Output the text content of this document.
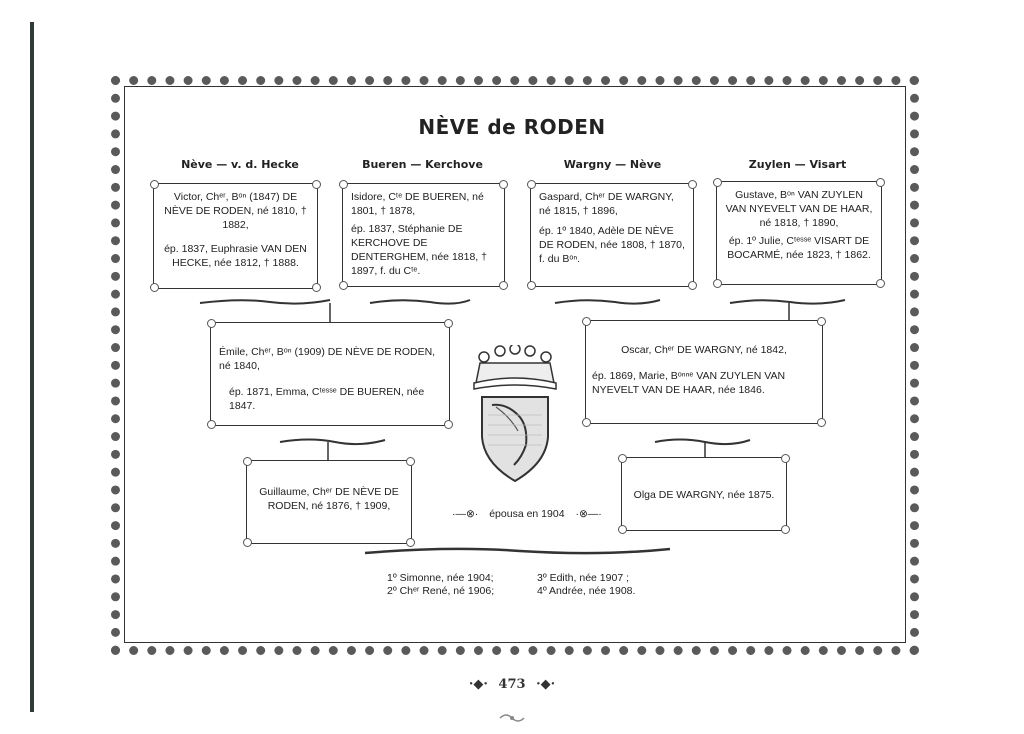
NÈVE de RODEN
Nève — v. d. Hecke	Bueren — Kerchove	Wargny — Nève	Zuylen — Visart

Victor, Chᵉʳ, Bᵒⁿ (1847) DE NÈVE DE RODEN, né 1810, † 1882,

ép. 1837, Euphrasie VAN DEN HECKE, née 1812, † 1888.

Isidore, Cᵗᵉ DE BUEREN, né 1801, † 1878,

ép. 1837, Stéphanie DE KERCHOVE DE DENTERGHEM, née 1818, † 1897, f. du Cᵗᵉ.

Gaspard, Chᵉʳ DE WARGNY, né 1815, † 1896,

ép. 1º 1840, Adèle DE NÈVE DE RODEN, née 1808, † 1870, f. du Bᵒⁿ.

Gustave, Bᵒⁿ VAN ZUYLEN VAN NYEVELT VAN DE HAAR, né 1818, † 1890,

ép. 1º Julie, Cᵗᵉˢˢᵉ VISART DE BOCARMÉ, née 1823, † 1862.

Émile, Chᵉʳ, Bᵒⁿ (1909) DE NÈVE DE RODEN, né 1840,

ép. 1871, Emma, Cᵗᵉˢˢᵉ DE BUEREN, née 1847.

Oscar, Chᵉʳ DE WARGNY, né 1842,

ép. 1869, Marie, Bᵒⁿⁿᵉ VAN ZUYLEN VAN NYEVELT VAN DE HAAR, née 1846.

Guillaume, Chᵉʳ DE NÈVE DE RODEN, né 1876, † 1909,

Olga DE WARGNY, née 1875.

·—⊗· épousa en 1904 ·⊗—·
1º Simonne, née 1904;
2º Chᵉʳ René, né 1906;
3º Edith, née 1907 ;
4º Andrée, née 1908.
·◆· 473 ·◆·
